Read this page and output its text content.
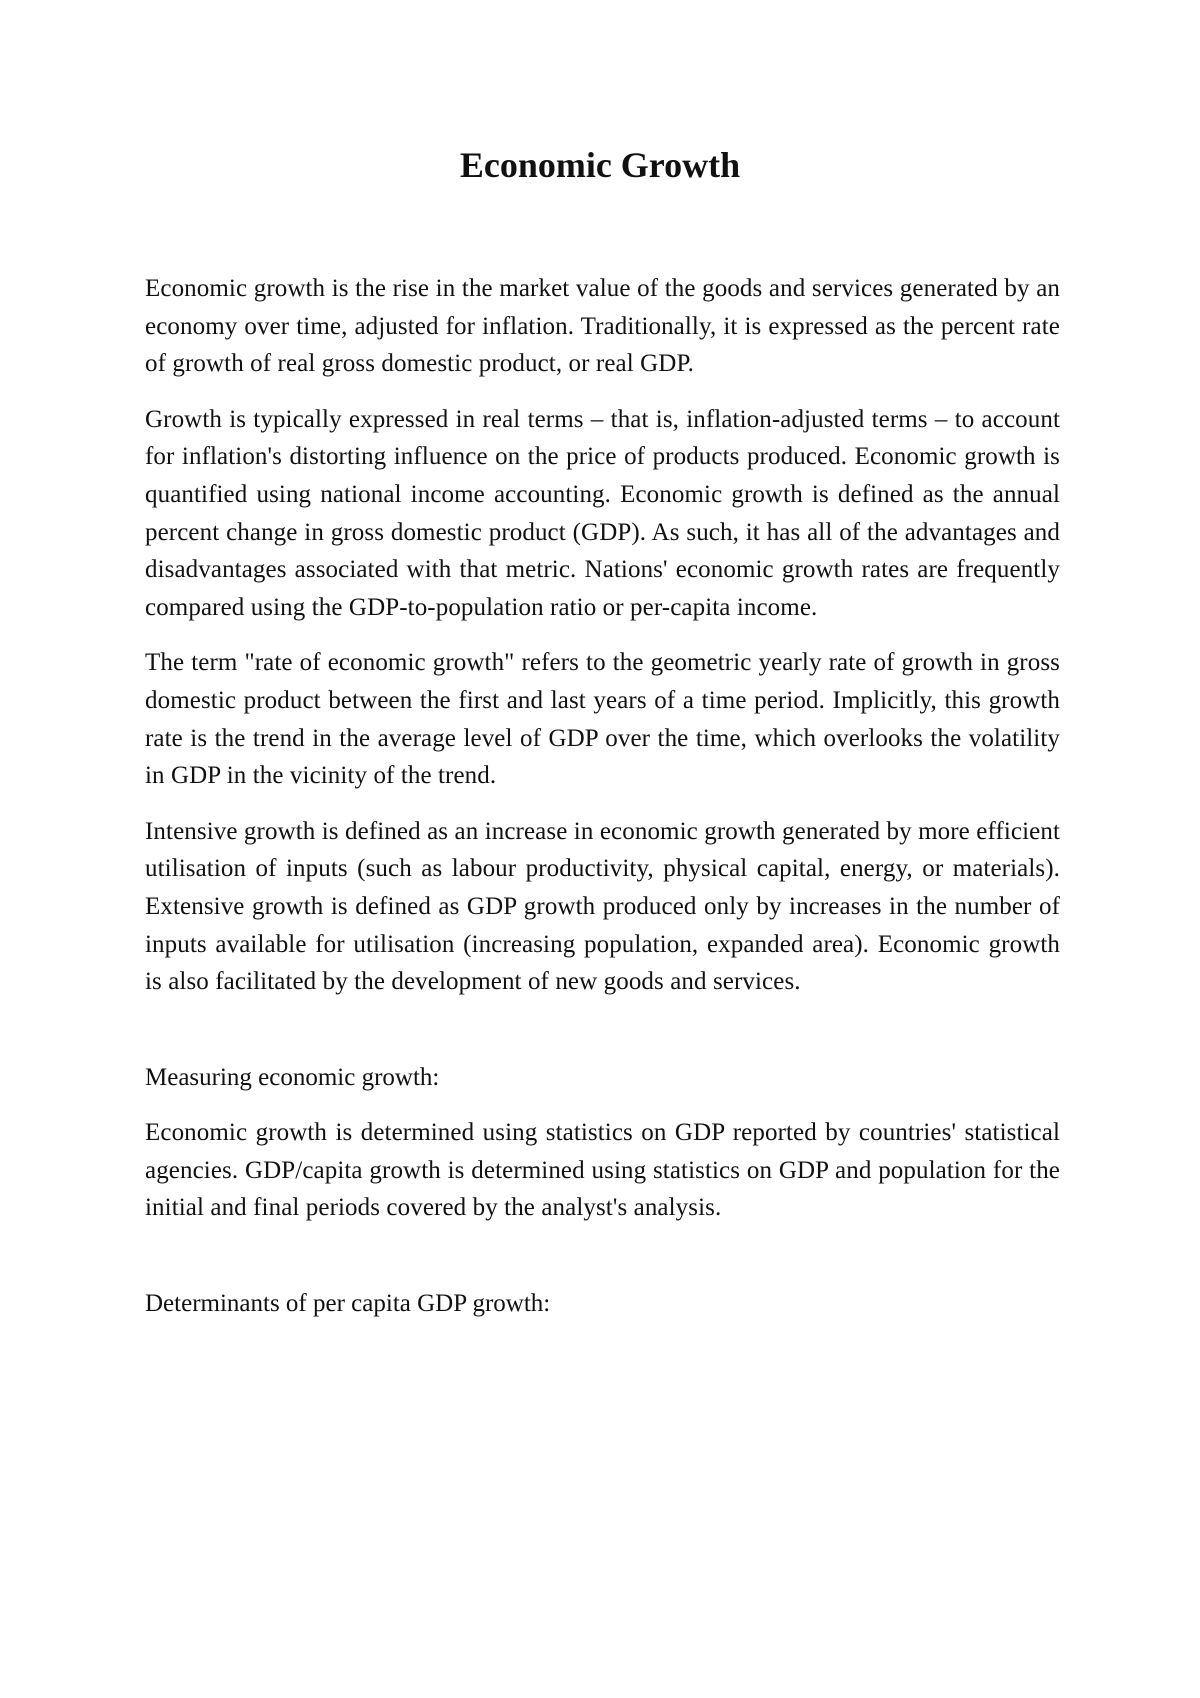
Economic Growth

Economic growth is the rise in the market value of the goods and services generated by an economy over time, adjusted for inflation. Traditionally, it is expressed as the percent rate of growth of real gross domestic product, or real GDP.

Growth is typically expressed in real terms – that is, inflation-adjusted terms – to account for inflation's distorting influence on the price of products produced. Economic growth is quantified using national income accounting. Economic growth is defined as the annual percent change in gross domestic product (GDP). As such, it has all of the advantages and disadvantages associated with that metric. Nations' economic growth rates are frequently compared using the GDP-to-population ratio or per-capita income.

The term "rate of economic growth" refers to the geometric yearly rate of growth in gross domestic product between the first and last years of a time period. Implicitly, this growth rate is the trend in the average level of GDP over the time, which overlooks the volatility in GDP in the vicinity of the trend.

Intensive growth is defined as an increase in economic growth generated by more efficient utilisation of inputs (such as labour productivity, physical capital, energy, or materials). Extensive growth is defined as GDP growth produced only by increases in the number of inputs available for utilisation (increasing population, expanded area). Economic growth is also facilitated by the development of new goods and services.

Measuring economic growth:

Economic growth is determined using statistics on GDP reported by countries' statistical agencies. GDP/capita growth is determined using statistics on GDP and population for the initial and final periods covered by the analyst's analysis.

Determinants of per capita GDP growth:
